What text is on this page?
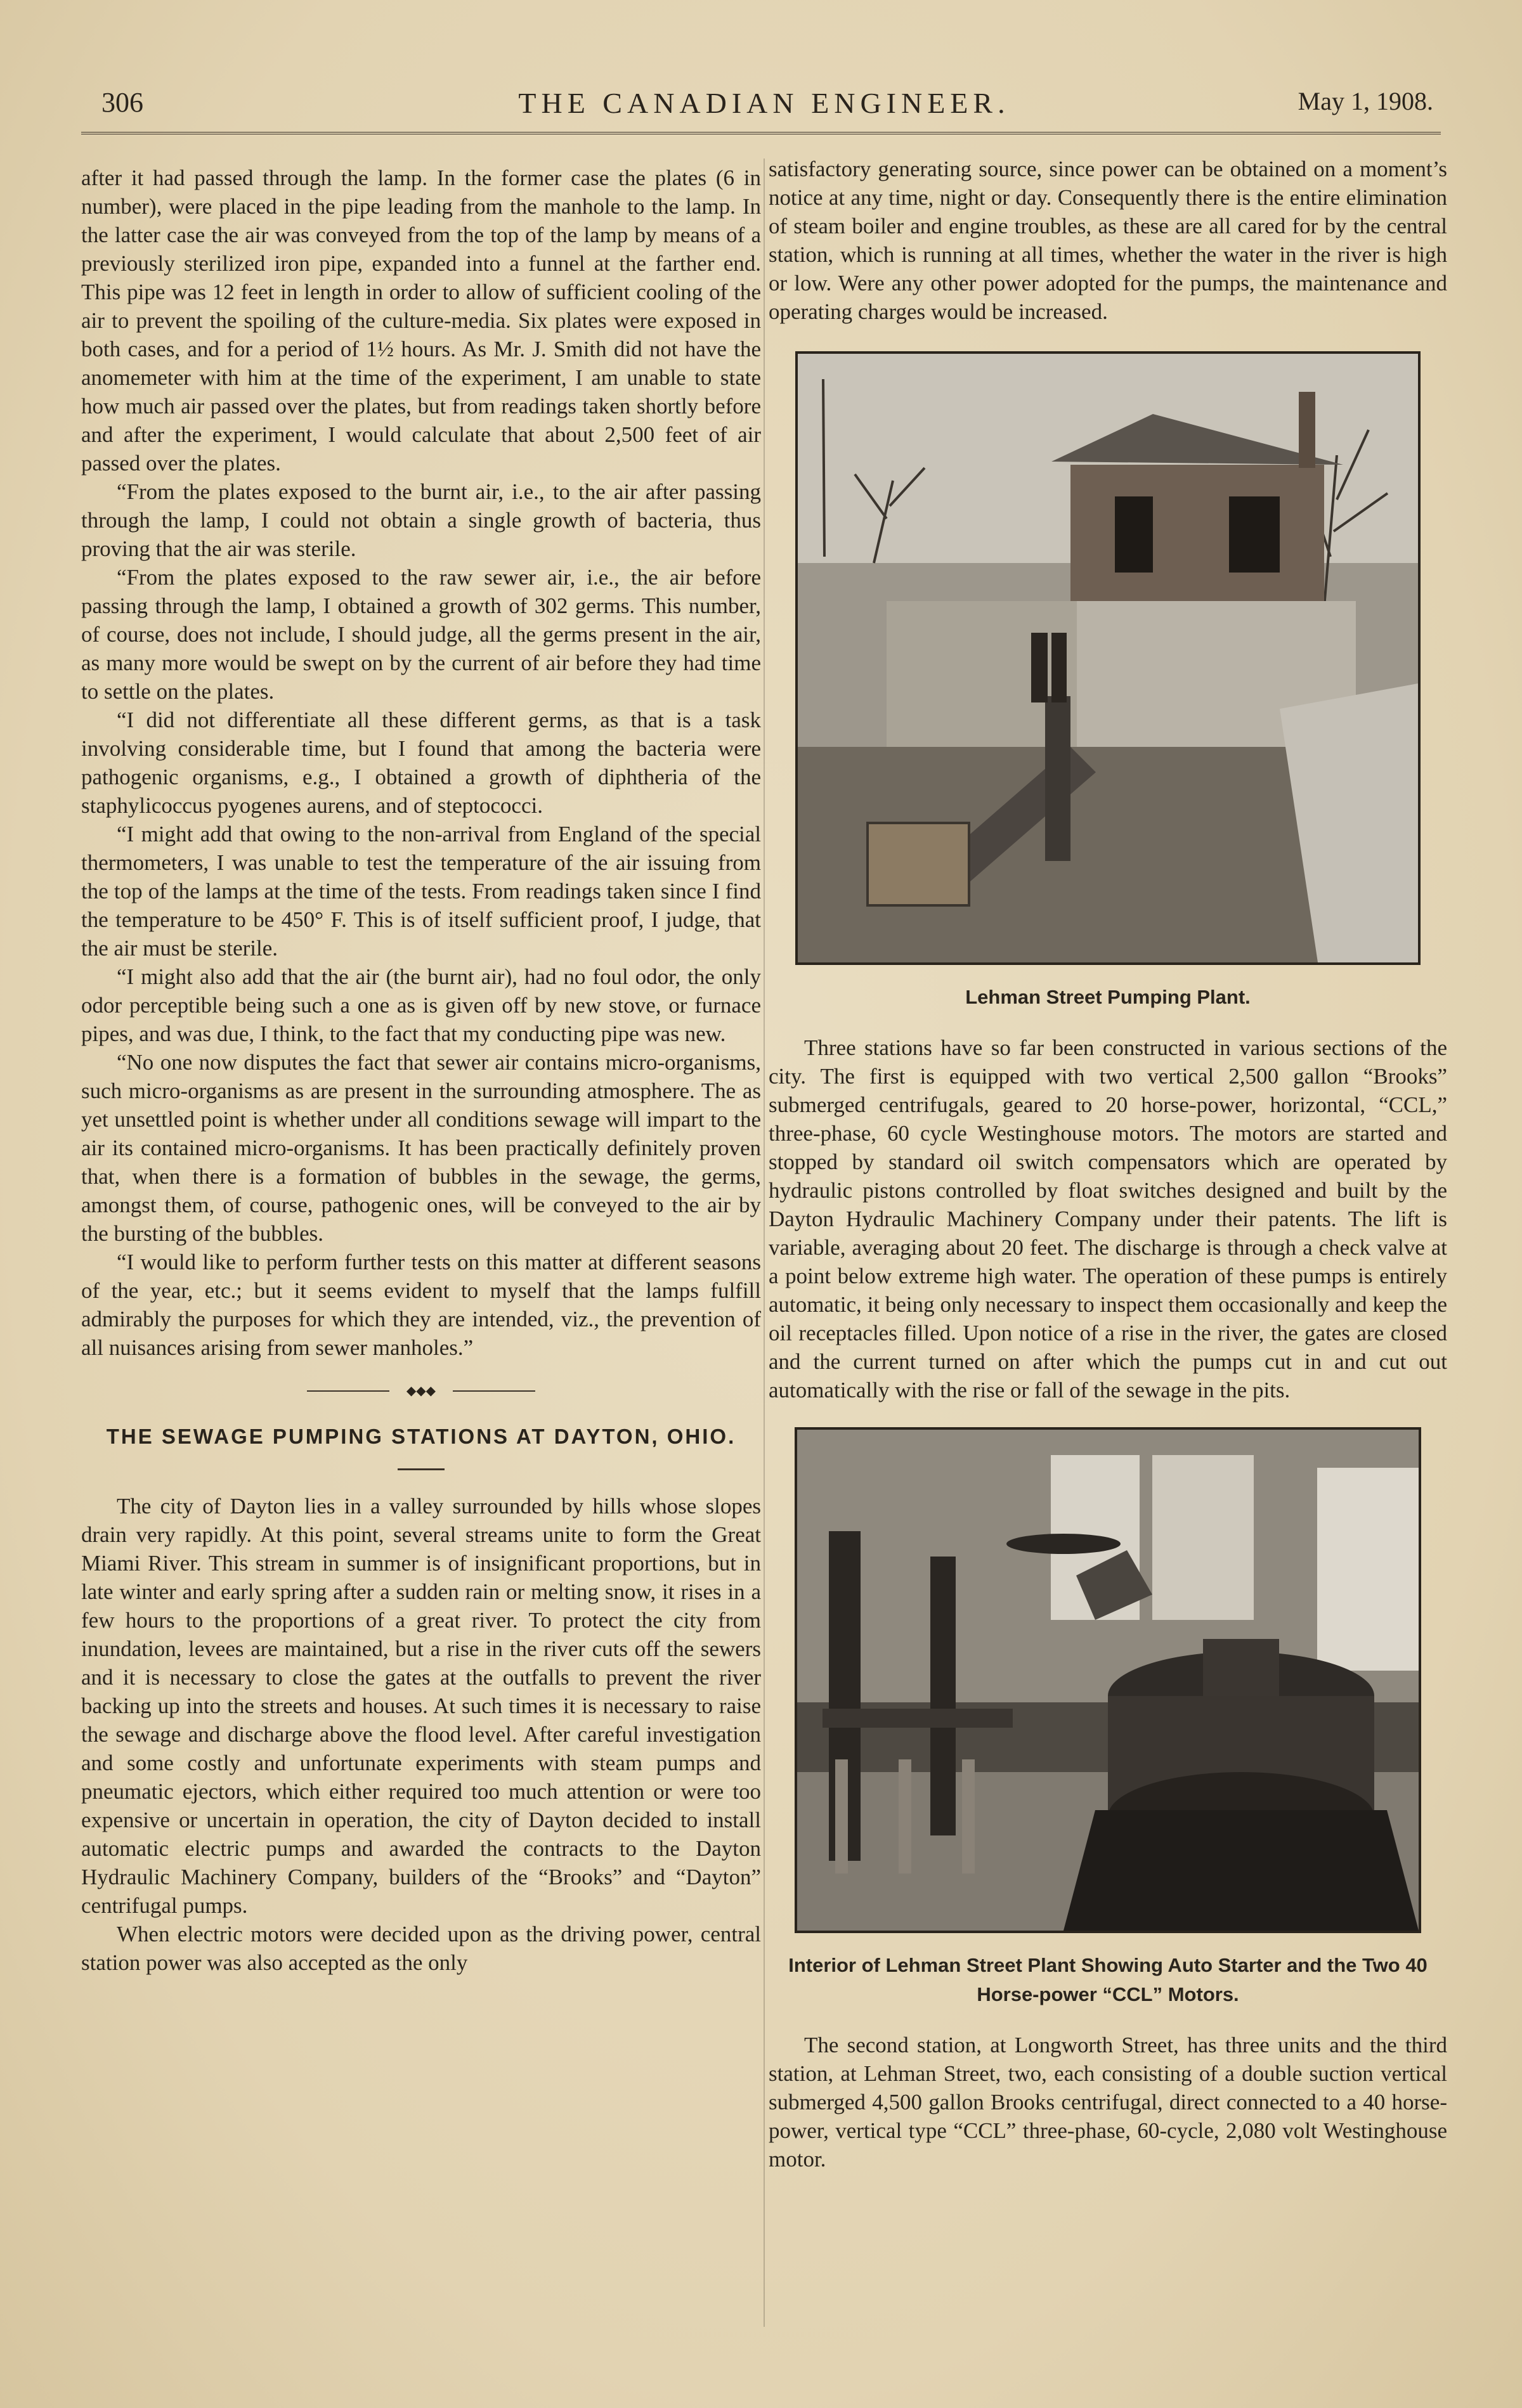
306	THE CANADIAN ENGINEER.	May 1, 1908.

after it had passed through the lamp. In the former case the plates (6 in number), were placed in the pipe leading from the manhole to the lamp. In the latter case the air was conveyed from the top of the lamp by means of a previously sterilized iron pipe, expanded into a funnel at the farther end. This pipe was 12 feet in length in order to allow of sufficient cooling of the air to prevent the spoiling of the culture-media. Six plates were exposed in both cases, and for a period of 1½ hours. As Mr. J. Smith did not have the anomemeter with him at the time of the experiment, I am unable to state how much air passed over the plates, but from readings taken shortly before and after the experiment, I would calculate that about 2,500 feet of air passed over the plates.

“From the plates exposed to the burnt air, i.e., to the air after passing through the lamp, I could not obtain a single growth of bacteria, thus proving that the air was sterile.

“From the plates exposed to the raw sewer air, i.e., the air before passing through the lamp, I obtained a growth of 302 germs. This number, of course, does not include, I should judge, all the germs present in the air, as many more would be swept on by the current of air before they had time to settle on the plates.

“I did not differentiate all these different germs, as that is a task involving considerable time, but I found that among the bacteria were pathogenic organisms, e.g., I obtained a growth of diphtheria of the staphylicoccus pyogenes aurens, and of steptococci.

“I might add that owing to the non-arrival from England of the special thermometers, I was unable to test the temperature of the air issuing from the top of the lamps at the time of the tests. From readings taken since I find the temperature to be 450° F. This is of itself sufficient proof, I judge, that the air must be sterile.

“I might also add that the air (the burnt air), had no foul odor, the only odor perceptible being such a one as is given off by new stove, or furnace pipes, and was due, I think, to the fact that my conducting pipe was new.

“No one now disputes the fact that sewer air contains micro-organisms, such micro-organisms as are present in the surrounding atmosphere. The as yet unsettled point is whether under all conditions sewage will impart to the air its contained micro-organisms. It has been practically definitely proven that, when there is a formation of bubbles in the sewage, the germs, amongst them, of course, pathogenic ones, will be conveyed to the air by the bursting of the bubbles.

“I would like to perform further tests on this matter at different seasons of the year, etc.; but it seems evident to myself that the lamps fulfill admirably the purposes for which they are intended, viz., the prevention of all nuisances arising from sewer manholes.”

◆◆◆
THE SEWAGE PUMPING STATIONS AT DAYTON, OHIO.

The city of Dayton lies in a valley surrounded by hills whose slopes drain very rapidly. At this point, several streams unite to form the Great Miami River. This stream in summer is of insignificant proportions, but in late winter and early spring after a sudden rain or melting snow, it rises in a few hours to the proportions of a great river. To protect the city from inundation, levees are maintained, but a rise in the river cuts off the sewers and it is necessary to close the gates at the outfalls to prevent the river backing up into the streets and houses. At such times it is necessary to raise the sewage and discharge above the flood level. After careful investigation and some costly and unfortunate experiments with steam pumps and pneumatic ejectors, which either required too much attention or were too expensive or uncertain in operation, the city of Dayton decided to install automatic electric pumps and awarded the contracts to the Dayton Hydraulic Machinery Company, builders of the “Brooks” and “Dayton” centrifugal pumps.

When electric motors were decided upon as the driving power, central station power was also accepted as the only

satisfactory generating source, since power can be obtained on a moment’s notice at any time, night or day. Consequently there is the entire elimination of steam boiler and engine troubles, as these are all cared for by the central station, which is running at all times, whether the water in the river is high or low. Were any other power adopted for the pumps, the maintenance and operating charges would be increased.

Lehman Street Pumping Plant.

Three stations have so far been constructed in various sections of the city. The first is equipped with two vertical 2,500 gallon “Brooks” submerged centrifugals, geared to 20 horse-power, horizontal, “CCL,” three-phase, 60 cycle Westinghouse motors. The motors are started and stopped by standard oil switch compensators which are operated by hydraulic pistons controlled by float switches designed and built by the Dayton Hydraulic Machinery Company under their patents. The lift is variable, averaging about 20 feet. The discharge is through a check valve at a point below extreme high water. The operation of these pumps is entirely automatic, it being only necessary to inspect them occasionally and keep the oil receptacles filled. Upon notice of a rise in the river, the gates are closed and the current turned on after which the pumps cut in and cut out automatically with the rise or fall of the sewage in the pits.

Interior of Lehman Street Plant Showing Auto Starter and the Two 40 Horse-power “CCL” Motors.

The second station, at Longworth Street, has three units and the third station, at Lehman Street, two, each consisting of a double suction vertical submerged 4,500 gallon Brooks centrifugal, direct connected to a 40 horse-power, vertical type “CCL” three-phase, 60-cycle, 2,080 volt Westinghouse motor.
